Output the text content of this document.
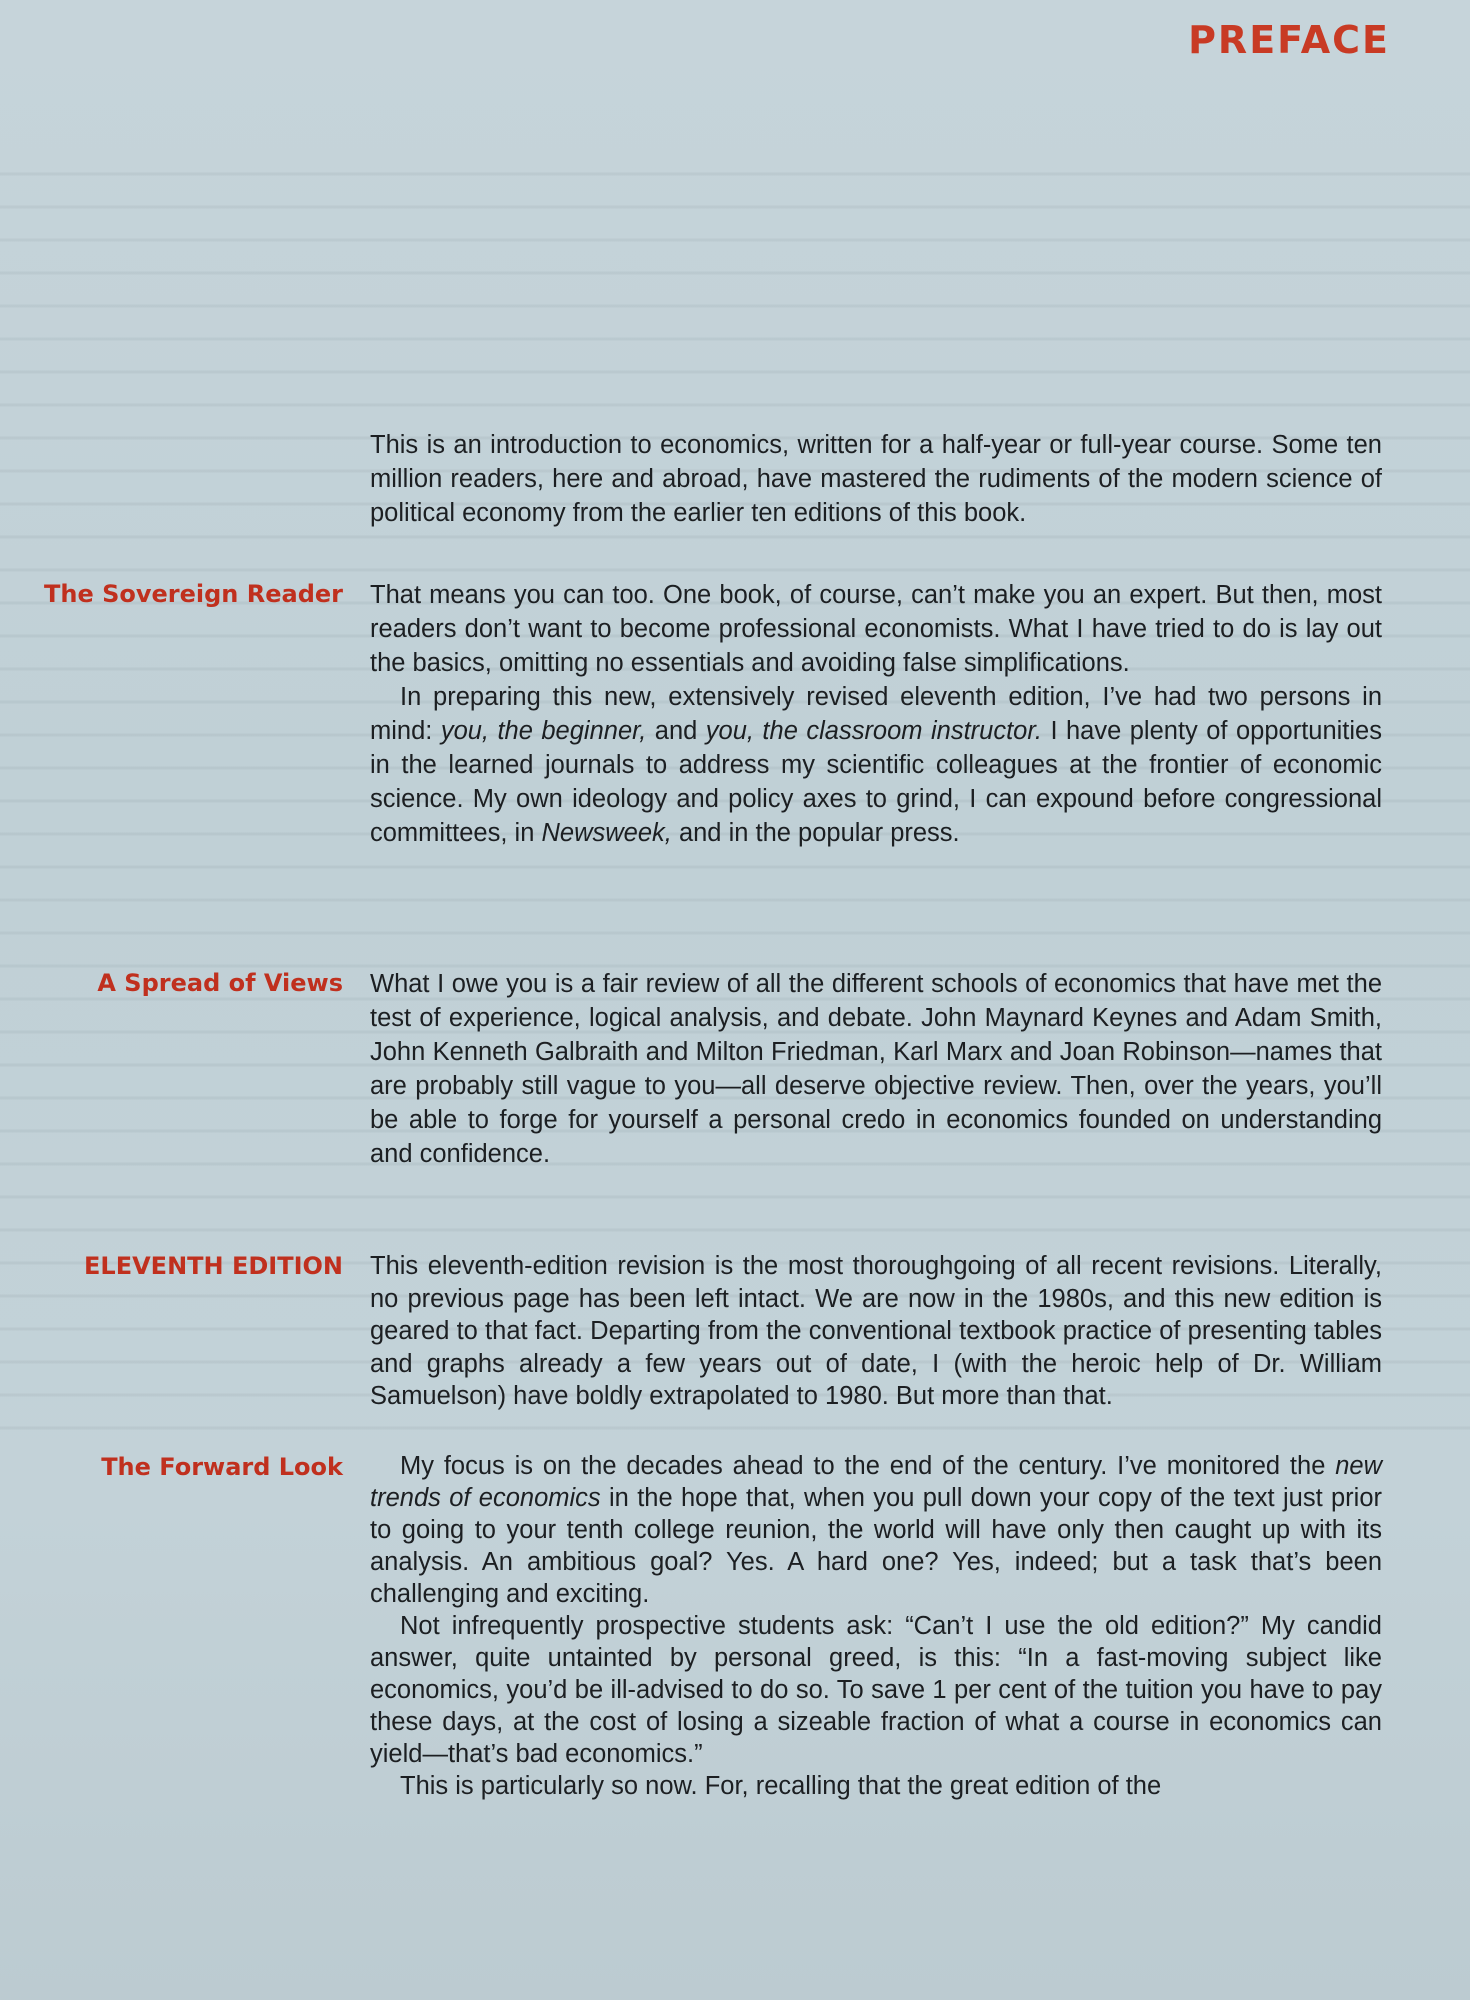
PREFACE

This is an introduction to economics, written for a half-year or full-year course. Some ten million readers, here and abroad, have mastered the rudiments of the modern science of political economy from the earlier ten editions of this book.

The Sovereign Reader That means you can too. One book, of course, can’t make you an expert. But then, most readers don’t want to become professional economists. What I have tried to do is lay out the basics, omitting no essentials and avoiding false simplifications.

In preparing this new, extensively revised eleventh edition, I’ve had two persons in mind: you, the beginner, and you, the classroom instructor. I have plenty of opportunities in the learned journals to address my scientific colleagues at the frontier of economic science. My own ideology and policy axes to grind, I can expound before congressional committees, in Newsweek, and in the popular press.

A Spread of Views What I owe you is a fair review of all the different schools of economics that have met the test of experience, logical analysis, and debate. John Maynard Keynes and Adam Smith, John Kenneth Galbraith and Milton Friedman, Karl Marx and Joan Robinson—names that are probably still vague to you—all deserve objective review. Then, over the years, you’ll be able to forge for yourself a personal credo in economics founded on understanding and confidence.

ELEVENTH EDITION This eleventh-edition revision is the most thoroughgoing of all recent revisions. Literally, no previous page has been left intact. We are now in the 1980s, and this new edition is geared to that fact. Departing from the conventional textbook practice of presenting tables and graphs already a few years out of date, I (with the heroic help of Dr. William Samuelson) have boldly extrapolated to 1980. But more than that.

The Forward Look	My focus is on the decades ahead to the end of the century. I’ve monitored the new trends of economics in the hope that, when you pull down your copy of the text just prior to going to your tenth college reunion, the world will have only then caught up with its analysis. An ambitious goal? Yes. A hard one? Yes, indeed; but a task that’s been challenging and exciting.

Not infrequently prospective students ask: “Can’t I use the old edition?” My candid answer, quite untainted by personal greed, is this: “In a fast-moving subject like economics, you’d be ill-advised to do so. To save 1 per cent of the tuition you have to pay these days, at the cost of losing a sizeable fraction of what a course in economics can yield—that’s bad economics.”

This is particularly so now. For, recalling that the great edition of the
